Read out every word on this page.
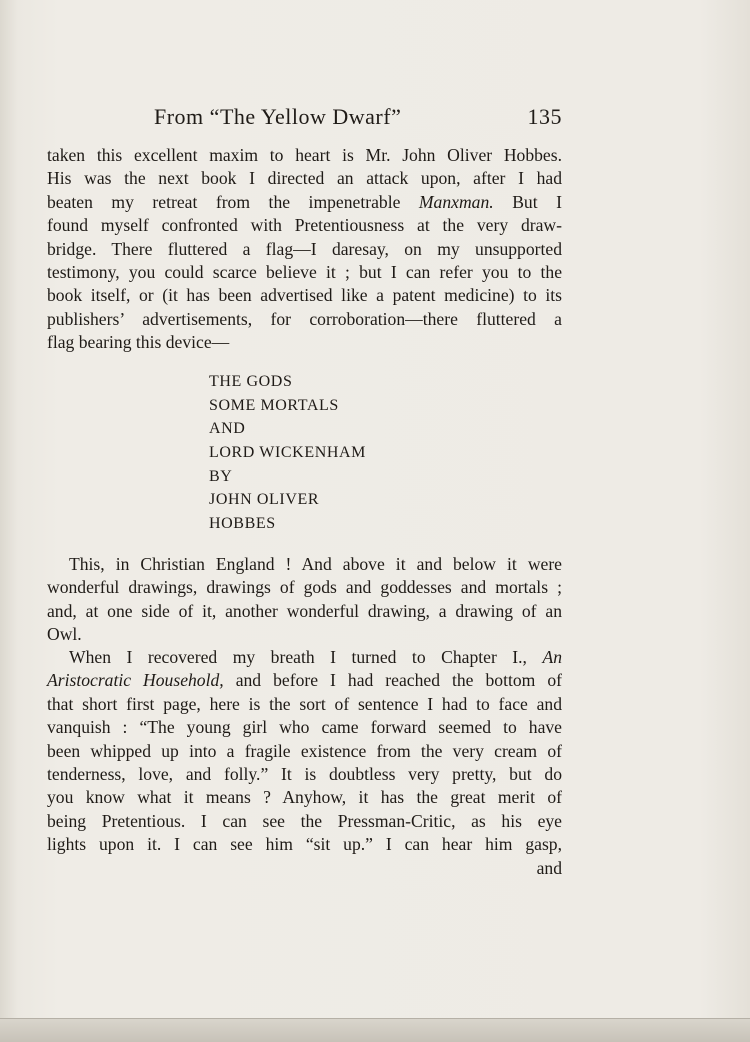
From “The Yellow Dwarf”	135
taken this excellent maxim to heart is Mr. John Oliver Hobbes.
His was the next book I directed an attack upon, after I had
beaten my retreat from the impenetrable Manxman. But I
found myself confronted with Pretentiousness at the very draw-
bridge. There fluttered a flag—I daresay, on my unsupported
testimony, you could scarce believe it ; but I can refer you to the
book itself, or (it has been advertised like a patent medicine) to its
publishers’ advertisements, for corroboration—there fluttered a
flag bearing this device—
THE GODS
SOME MORTALS
AND
LORD WICKENHAM
BY
JOHN OLIVER
HOBBES
This, in Christian England ! And above it and below it were
wonderful drawings, drawings of gods and goddesses and mortals ;
and, at one side of it, another wonderful drawing, a drawing of an
Owl.
When I recovered my breath I turned to Chapter I., An
Aristocratic Household, and before I had reached the bottom of
that short first page, here is the sort of sentence I had to face and
vanquish : “The young girl who came forward seemed to have
been whipped up into a fragile existence from the very cream of
tenderness, love, and folly.” It is doubtless very pretty, but do
you know what it means ? Anyhow, it has the great merit of
being Pretentious. I can see the Pressman-Critic, as his eye
lights upon it. I can see him “sit up.” I can hear him gasp,
and
